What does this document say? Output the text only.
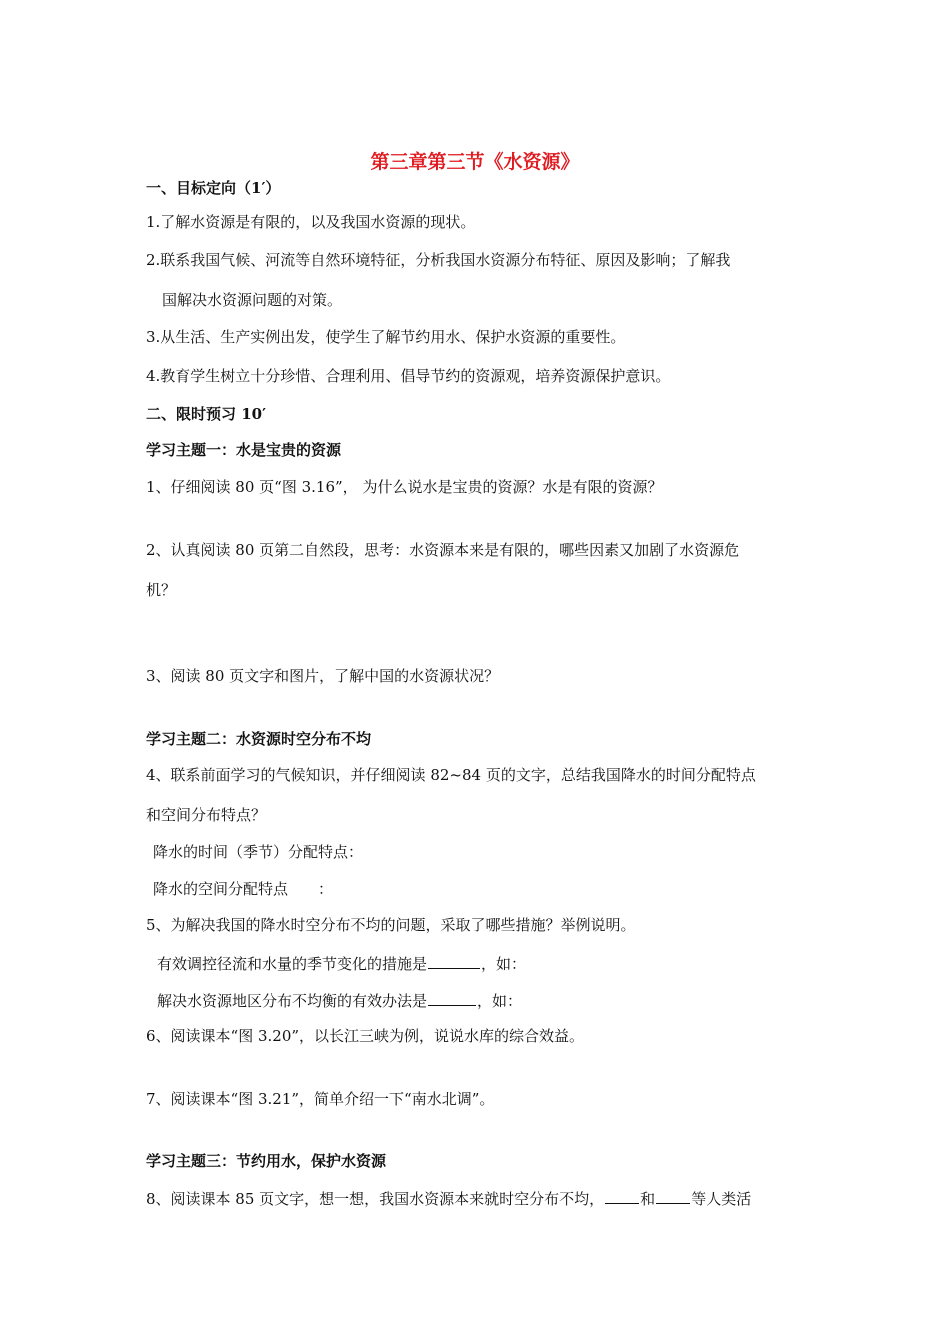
第三章第三节《水资源》
一、目标定向（1′）
1.了解水资源是有限的，以及我国水资源的现状。
2.联系我国气候、河流等自然环境特征，分析我国水资源分布特征、原因及影响；了解我
国解决水资源问题的对策。
3.从生活、生产实例出发，使学生了解节约用水、保护水资源的重要性。
4.教育学生树立十分珍惜、合理利用、倡导节约的资源观，培养资源保护意识。
二、限时预习 10′
学习主题一：水是宝贵的资源
1、仔细阅读 80 页“图 3.16”， 为什么说水是宝贵的资源？水是有限的资源？
2、认真阅读 80 页第二自然段，思考：水资源本来是有限的，哪些因素又加剧了水资源危
机？
3、阅读 80 页文字和图片，了解中国的水资源状况？
学习主题二：水资源时空分布不均
4、联系前面学习的气候知识，并仔细阅读 82~84 页的文字，总结我国降水的时间分配特点
和空间分布特点？
降水的时间（季节）分配特点：
降水的空间分配特点　　：
5、为解决我国的降水时空分布不均的问题，采取了哪些措施？举例说明。
有效调控径流和水量的季节变化的措施是	，如：
解决水资源地区分布不均衡的有效办法是	，如：
6、阅读课本“图 3.20”，以长江三峡为例，说说水库的综合效益。
7、阅读课本“图 3.21”，简单介绍一下“南水北调”。
学习主题三：节约用水，保护水资源
8、阅读课本 85 页文字，想一想，我国水资源本来就时空分布不均， 和 等人类活
